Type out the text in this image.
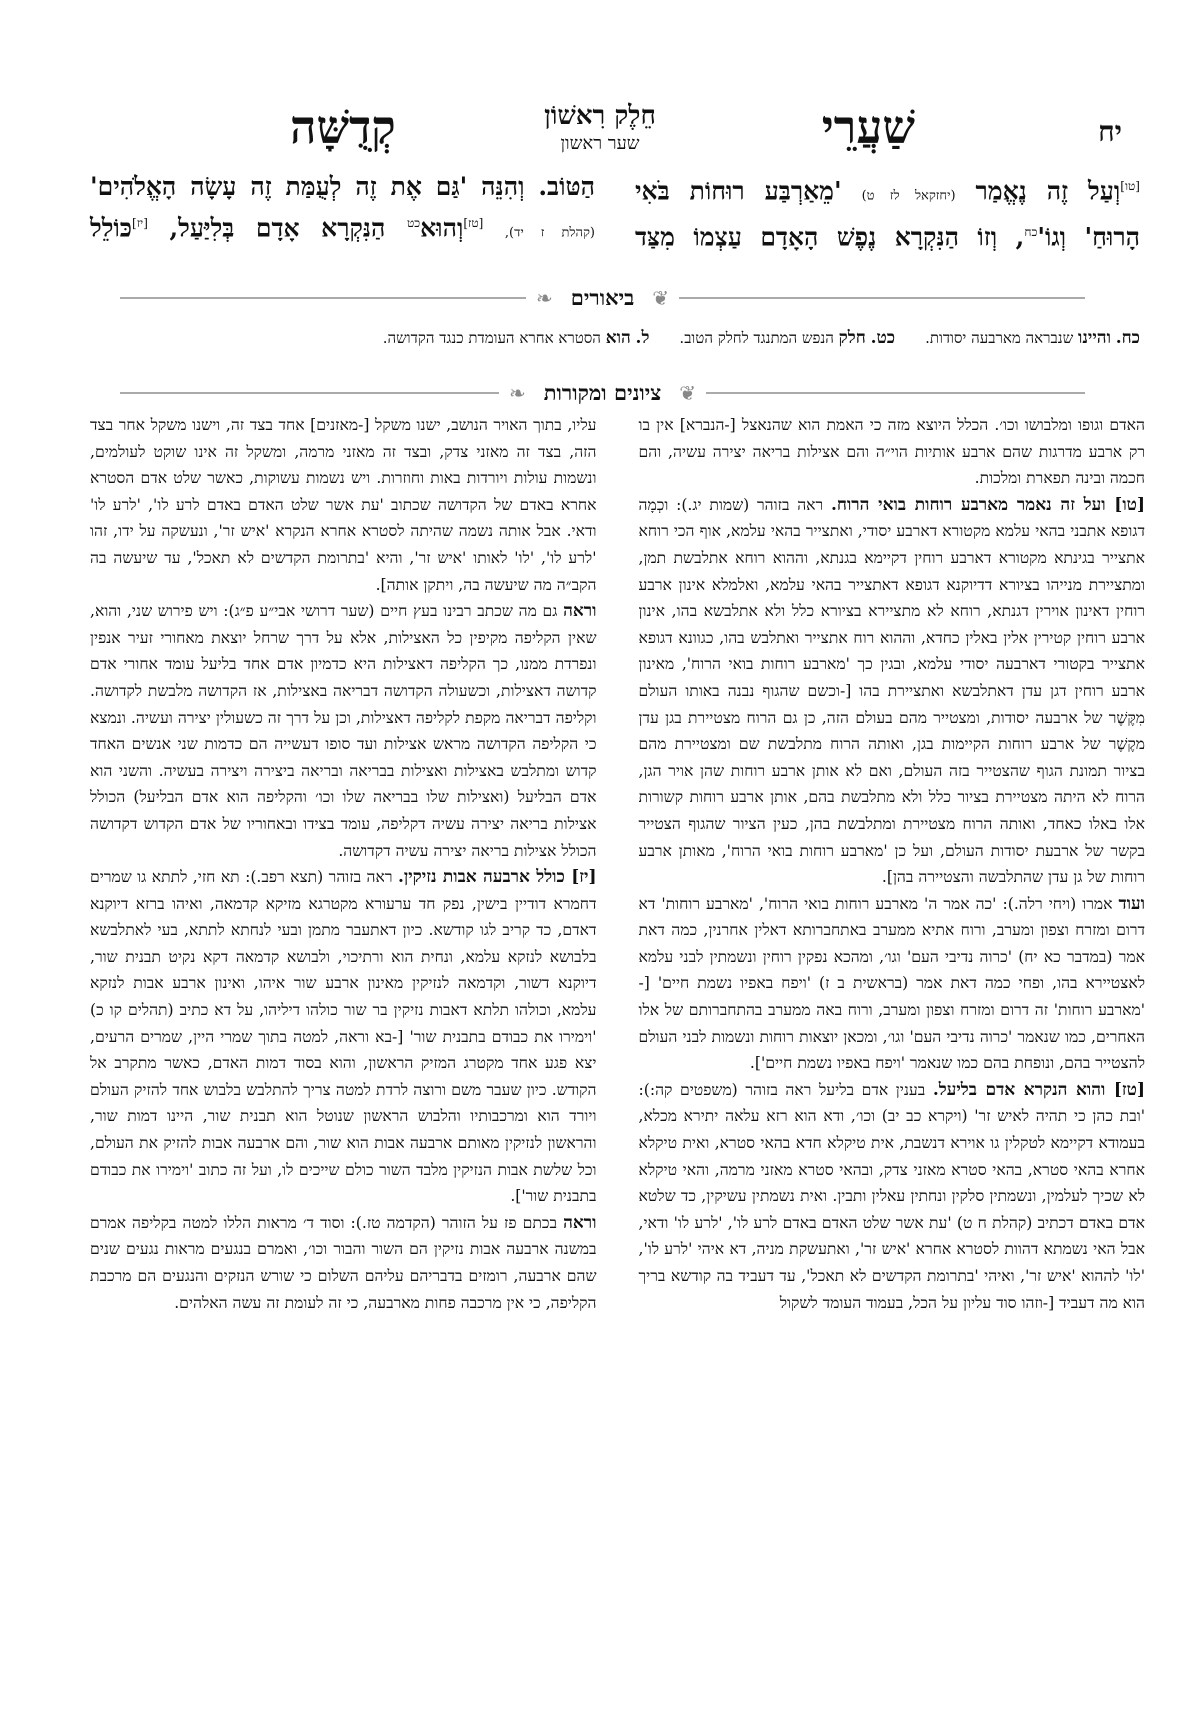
יח
שַׁעֲרֵי
חֵלֶק רִאשׁוֹן
שער ראשון
קְדֻשָּׁה
[טו]וְעַל זֶה נֶאֱמַר (יחזקאל לז ט) 'מֵאַרְבַּע רוּחוֹת בֹּאִי
הָרוּחַ' $וְגוֹ'^{כח}$, וְזוֹ הַנִּקְרָא נֶפֶשׁ הָאָדָם עַצְמוֹ מִצַּד
הַטּוֹב. וְהִנֵּה 'גַּם אֶת זֶה לְעֻמַּת זֶה עָשָׂה הָאֱלֹהִים'
(קהלת ז יד), [טז]וְהוּא$^{כט}$ הַנִּקְרָא אָדָם בְּלִיַּעַל, [יז]כּוֹלֵל
❦
ביאורים
❧
כח. והיינו שנבראה מארבעה יסודות.
כט. חלק הנפש המתנגד לחלק הטוב.
ל. הוא הסטרא אחרא העומדת כנגד הקדושה.
❦
ציונים ומקורות
❧

האדם וגופו ומלבושו וכו׳. הכלל היוצא מזה כי האמת הוא שהנאצל [-הנברא] אין בו רק ארבע מדרגות שהם ארבע אותיות הוי״ה והם אצילות בריאה יצירה עשיה, והם חכמה ובינה תפארת ומלכות.

[טו] ועל זה נאמר מארבע רוחות בואי הרוח. ראה בזוהר (שמות יג.): וכְמָה דגופא אתבני בהאי עלמא מקטורא דארבע יסודי, ואתצייר בהאי עלמא, אוף הכי רוחא אתצייר בגינתא מקטורא דארבע רוחין דקיימא בגנתא, וההוא רוחא אתלבשת תמן, ומתציירת מנייהו בציורא דדיוקנא דגופא דאתצייר בהאי עלמא, ואלמלא אינון ארבע רוחין דאינון אוירין דגנתא, רוחא לא מתציירא בציורא כלל ולא אתלבשא בהו, אינון ארבע רוחין קטירין אלין באלין כחדא, וההוא רוח אתצייר ואתלבש בהו, כגוונא דגופא אתצייר בקטורי דארבעה יסודי עלמא, ובגין כך 'מארבע רוחות בואי הרוח', מאינון ארבע רוחין דגן עדן דאתלבשא ואתציירת בהו [-וכשם שהגוף נבנה באותו העולם מִקֶּשֶׁר של ארבעה יסודות, ומצטייר מהם בעולם הזה, כן גם הרוח מצטיירת בגן עדן מקֶשֶׁר של ארבע רוחות הקיימות בגן, ואותה הרוח מתלבשת שם ומצטיירת מהם בציור תמונת הגוף שהצטייר בזה העולם, ואם לא אותן ארבע רוחות שהן אויר הגן, הרוח לא היתה מצטיירת בציור כלל ולא מתלבשת בהם, אותן ארבע רוחות קשורות אלו באלו כאחד, ואותה הרוח מצטיירת ומתלבשת בהן, כעין הציור שהגוף הצטייר בקשר של ארבעת יסודות העולם, ועל כן 'מארבע רוחות בואי הרוח', מאותן ארבע רוחות של גן עדן שהתלבשה והצטיירה בהן].

ועוד אמרו (ויחי רלה.): 'כה אמר ה' מארבע רוחות בואי הרוח', 'מארבע רוחות' דא דרום ומזרח וצפון ומערב, ורוח אתיא ממערב באתחברותא דאלין אחרנין, כמה דאת אמר (במדבר כא יח) 'כרוה נדיבי העם' וגו׳, ומהכא נפקין רוחין ונשמתין לבני עלמא לאצטיירא בהו, ופחי כמה דאת אמר (בראשית ב ז) 'ויפח באפיו נשמת חיים' [-'מארבע רוחות' זה דרום ומזרח וצפון ומערב, ורוח באה ממערב בהתחברותם של אלו האחרים, כמו שנאמר 'כרוה נדיבי העם' וגו׳, ומכאן יוצאות רוחות ונשמות לבני העולם להצטייר בהם, ונופחת בהם כמו שנאמר 'ויפח באפיו נשמת חיים'].

[טז] והוא הנקרא אדם בליעל. בענין אדם בליעל ראה בזוהר (משפטים קה:): 'ובת כהן כי תהיה לאיש זר' (ויקרא כב יב) וכו׳, ודא הוא רזא עלאה יתירא מכלא, בעמודא דקיימא לטקלין גו אוירא דנשבת, אית טיקלא חדא בהאי סטרא, ואית טיקלא אחרא בהאי סטרא, בהאי סטרא מאזני צדק, ובהאי סטרא מאזני מרמה, והאי טיקלא לא שכיך לעלמין, ונשמתין סלקין ונחתין עאלין ותבין. ואית נשמתין עשיקין, כד שלטא אדם באדם דכתיב (קהלת ח ט) 'עת אשר שלט האדם באדם לרע לו', 'לרע לו' ודאי, אבל האי נשמתא דהוות לסטרא אחרא 'איש זר', ואתעשקת מניה, דא איהי 'לרע לו', 'לו' לההוא 'איש זר', ואיהי 'בתרומת הקדשים לא תאכל', עד דעביד בה קודשא בריך הוא מה דעביד [-וזהו סוד עליון על הכל, בעמוד העומד לשקול

עליו, בתוך האויר הנושב, ישנו משקל [-מאזנים] אחד בצד זה, וישנו משקל אחר בצד הזה, בצד זה מאזני צדק, ובצד זה מאזני מרמה, ומשקל זה אינו שוקט לעולמים, ונשמות עולות ויורדות באות וחוזרות. ויש נשמות עשוקות, כאשר שלט אדם הסטרא אחרא באדם של הקדושה שכתוב 'עת אשר שלט האדם באדם לרע לו', 'לרע לו' ודאי. אבל אותה נשמה שהיתה לסטרא אחרא הנקרא 'איש זר', ונעשקה על ידו, זהו 'לרע לו', 'לו' לאותו 'איש זר', והיא 'בתרומת הקדשים לא תאכל', עד שיעשה בה הקב״ה מה שיעשה בה, ויתקן אותה].

וראה גם מה שכתב רבינו בעץ חיים (שער דרושי אבי״ע פ״ג): ויש פירוש שני, והוא, שאין הקליפה מקיפין כל האצילות, אלא על דרך שרחל יוצאת מאחורי זעיר אנפין ונפרדת ממנו, כך הקליפה דאצילות היא כדמיון אדם אחד בליעל עומד אחורי אדם קדושה דאצילות, וכשעולה הקדושה דבריאה באצילות, אז הקדושה מלבשת לקדושה. וקליפה דבריאה מקפת לקליפה דאצילות, וכן על דרך זה כשעולין יצירה ועשיה. ונמצא כי הקליפה הקדושה מראש אצילות ועד סופו דעשייה הם כדמות שני אנשים האחד קדוש ומתלבש באצילות ואצילות בבריאה ובריאה ביצירה ויצירה בעשיה. והשני הוא אדם הבליעל (ואצילות שלו בבריאה שלו וכו׳ והקליפה הוא אדם הבליעל) הכולל אצילות בריאה יצירה עשיה דקליפה, עומד בצידו ובאחוריו של אדם הקדוש דקדושה הכולל אצילות בריאה יצירה עשיה דקדושה.

[יז] כולל ארבעה אבות נזיקין. ראה בזוהר (תצא רפב.): תא חזי, לתתא גו שמרים דחמרא דודיין בישין, נפק חד ערעורא מקטרגא מזיקא קדמאה, ואיהו ברזא דיוקנא דאדם, כד קריב לגו קודשא. כיון דאתעבר מתמן ובעי לנחתא לתתא, בעי לאתלבשא בלבושא לנזקא עלמא, ונחית הוא ורתיכוי, ולבושא קדמאה דקא נקיט תבנית שור, דיוקנא דשור, וקדמאה לנזיקין מאינון ארבע שור איהו, ואינון ארבע אבות לנזקא עלמא, וכולהו תלתא דאבות נזיקין בר שור כולהו דיליהו, על דא כתיב (תהלים קו כ) 'וימירו את כבודם בתבנית שור' [-בא וראה, למטה בתוך שמרי היין, שמרים הרעים, יצא פגע אחד מקטרג המזיק הראשון, והוא בסוד דמות האדם, כאשר מתקרב אל הקודש. כיון שעבר משם ורוצה לרדת למטה צריך להתלבש בלבוש אחד להזיק העולם ויורד הוא ומרכבותיו והלבוש הראשון שנוטל הוא תבנית שור, היינו דמות שור, והראשון לנזיקין מאותם ארבעה אבות הוא שור, והם ארבעה אבות להזיק את העולם, וכל שלשת אבות הנזיקין מלבד השור כולם שייכים לו, ועל זה כתוב 'וימירו את כבודם בתבנית שור'].

וראה בכתם פז על הזוהר (הקדמה טז.): וסוד ד׳ מראות הללו למטה בקליפה אמרם במשנה ארבעה אבות נזיקין הם השור והבור וכו׳, ואמרם בנגעים מראות נגעים שנים שהם ארבעה, רומזים בדבריהם עליהם השלום כי שורש הנזקים והנגעים הם מרכבת הקליפה, כי אין מרכבה פחות מארבעה, כי זה לעומת זה עשה האלהים.
